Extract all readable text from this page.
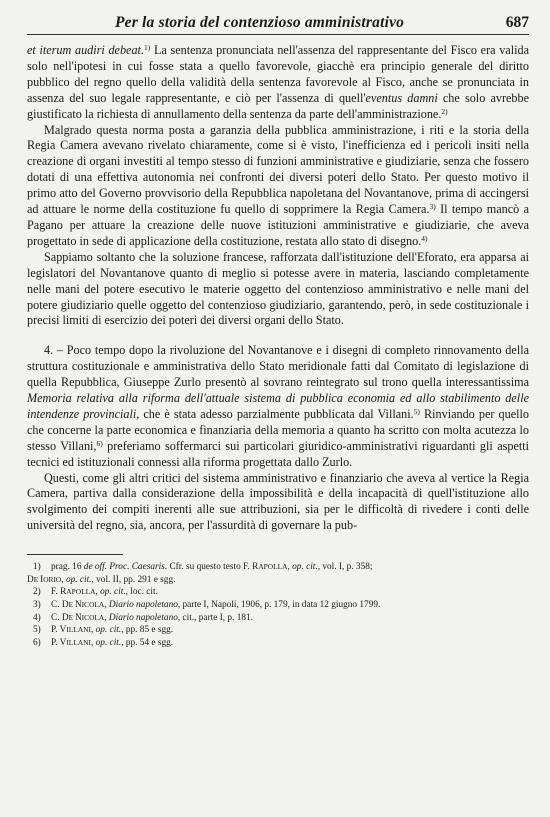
Per la storia del contenzioso amministrativo	687

et iterum audiri debeat.$^{1)}$ La sentenza pronunciata nell'assenza del rappresentante del Fisco era valida solo nell'ipotesi in cui fosse stata a quello favorevole, giacchè era principio generale del diritto pubblico del regno quello della validità della sentenza favorevole al Fisco, anche se pronunciata in assenza del suo legale rappresentante, e ciò per l'assenza di quell'eventus damni che solo avrebbe giustificato la richiesta di annullamento della sentenza da parte dell'amministrazione.$^{2)}$

Malgrado questa norma posta a garanzia della pubblica amministrazione, i riti e la storia della Regia Camera avevano rivelato chiaramente, come si è visto, l'inefficienza ed i pericoli insiti nella creazione di organi investiti al tempo stesso di funzioni amministrative e giudiziarie, senza che fossero dotati di una effettiva autonomia nei confronti dei diversi poteri dello Stato. Per questo motivo il primo atto del Governo provvisorio della Repubblica napoletana del Novantanove, prima di accingersi ad attuare le norme della costituzione fu quello di sopprimere la Regia Camera.$^{3)}$ Il tempo mancò a Pagano per attuare la creazione delle nuove istituzioni amministrative e giudiziarie, che aveva progettato in sede di applicazione della costituzione, restata allo stato di disegno.$^{4)}$

Sappiamo soltanto che la soluzione francese, rafforzata dall'istituzione dell'Eforato, era apparsa ai legislatori del Novantanove quanto di meglio si potesse avere in materia, lasciando completamente nelle mani del potere esecutivo le materie oggetto del contenzioso amministrativo e nelle mani del potere giudiziario quelle oggetto del contenzioso giudiziario, garantendo, però, in sede costituzionale i precisi limiti di esercizio dei poteri dei diversi organi dello Stato.

4. – Poco tempo dopo la rivoluzione del Novantanove e i disegni di completo rinnovamento della struttura costituzionale e amministrativa dello Stato meridionale fatti dal Comitato di legislazione di quella Repubblica, Giuseppe Zurlo presentò al sovrano reintegrato sul trono quella interessantissima Memoria relativa alla riforma dell'attuale sistema di pubblica economia ed allo stabilimento delle intendenze provinciali, che è stata adesso parzialmente pubblicata dal Villani.$^{5)}$ Rinviando per quello che concerne la parte economica e finanziaria della memoria a quanto ha scritto con molta acutezza lo stesso Villani,$^{6)}$ preferiamo soffermarci sui particolari giuridico-amministrativi riguardanti gli aspetti tecnici ed istituzionali connessi alla riforma progettata dallo Zurlo.

Questi, come gli altri critici del sistema amministrativo e finanziario che aveva al vertice la Regia Camera, partiva dalla considerazione della impossibilità e della incapacità di quell'istituzione allo svolgimento dei compiti inerenti alle sue attribuzioni, sia per le difficoltà di rivedere i conti delle università del regno, sia, ancora, per l'assurdità di governare la pub-

1) prag. 16 de off. Proc. Caesaris. Cfr. su questo testo F. RAPOLLA, op. cit., vol. I, p. 358;
DE IORIO, op. cit., vol. II, pp. 291 e sgg.
2) F. RAPOLLA, op. cit., loc. cit.
3) C. DE NICOLA, Diario napoletano, parte I, Napoli, 1906, p. 179, in data 12 giugno 1799.
4) C. DE NICOLA, Diario napoletano, cit., parte I, p. 181.
5) P. VILLANI, op. cit., pp. 85 e sgg.
6) P. VILLANI, op. cit., pp. 54 e sgg.
